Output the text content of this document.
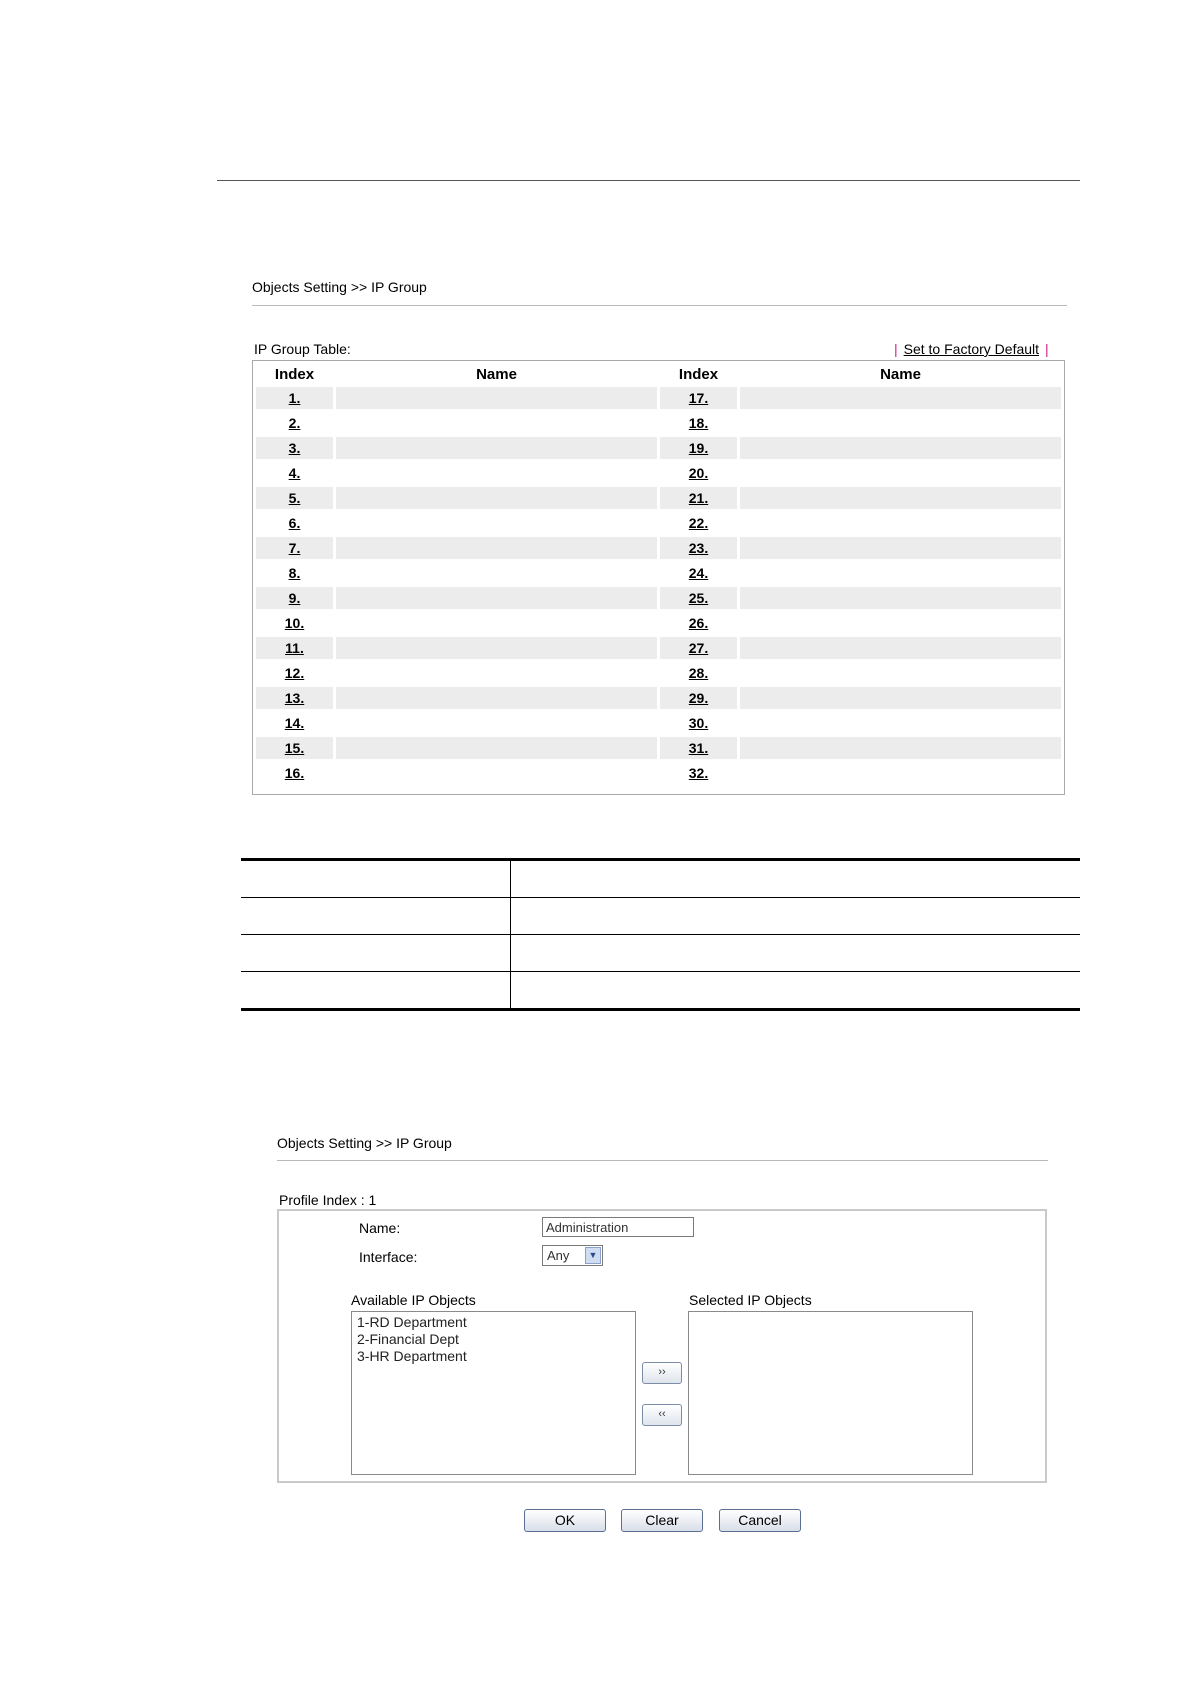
Objects Setting >> IP Group
IP Group Table:	| Set to Factory Default |
Index	Name	Index	Name
1.		17.	
2.		18.	
3.		19.	
4.		20.	
5.		21.	
6.		22.	
7.		23.	
8.		24.	
9.		25.	
10.		26.	
11.		27.	
12.		28.	
13.		29.	
14.		30.	
15.		31.	
16.		32.	

Objects Setting >> IP Group
Profile Index : 1
Name:
Administration
Interface:	Any	▼
Available IP Objects	Selected IP Objects
1-RD Department
2-Financial Dept
3-HR Department
››
‹‹
OK	Clear	Cancel
